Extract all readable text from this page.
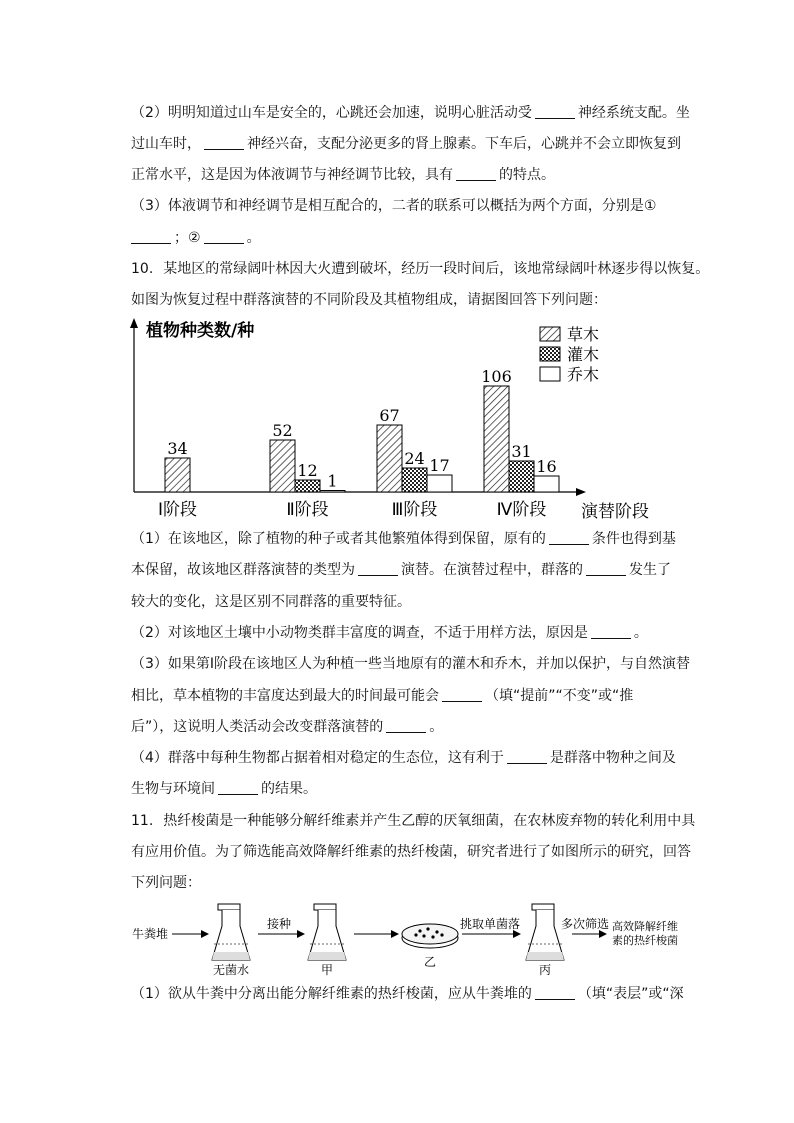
（2）明明知道过山车是安全的，心跳还会加速，说明心脏活动受	神经系统支配。坐
过山车时，	神经兴奋，支配分泌更多的肾上腺素。下车后，心跳并不会立即恢复到
正常水平，这是因为体液调节与神经调节比较，具有	的特点。
（3）体液调节和神经调节是相互配合的，二者的联系可以概括为两个方面，分别是①
；②	。
10. 某地区的常绿阔叶林因大火遭到破坏，经历一段时间后，该地常绿阔叶林逐步得以恢复。
如图为恢复过程中群落演替的不同阶段及其植物组成，请据图回答下列问题：
植物种类数/种
演替阶段
草木
灌木
乔木
34
52
12
1
67
24 17
106
31
16
Ⅰ阶段	Ⅱ阶段	Ⅲ阶段	Ⅳ阶段
（1）在该地区，除了植物的种子或者其他繁殖体得到保留，原有的	条件也得到基
本保留，故该地区群落演替的类型为	演替。在演替过程中，群落的	发生了
较大的变化，这是区别不同群落的重要特征。
（2）对该地区土壤中小动物类群丰富度的调查，不适于用样方法，原因是	。
（3）如果第Ⅰ阶段在该地区人为种植一些当地原有的灌木和乔木，并加以保护，与自然演替
相比，草本植物的丰富度达到最大的时间最可能会	（填“提前”“不变”或“推
后”），这说明人类活动会改变群落演替的	。
（4）群落中每种生物都占据着相对稳定的生态位，这有利于	是群落中物种之间及
生物与环境间	的结果。
11. 热纤梭菌是一种能够分解纤维素并产生乙醇的厌氧细菌，在农林废弃物的转化利用中具
有应用价值。为了筛选能高效降解纤维素的热纤梭菌，研究者进行了如图所示的研究，回答
下列问题：
牛粪堆
无菌水
接种
甲
乙
挑取单菌落
丙
多次筛选 高效降解纤维
素的热纤梭菌
（1）欲从牛粪中分离出能分解纤维素的热纤梭菌，应从牛粪堆的	（填“表层”或“深
